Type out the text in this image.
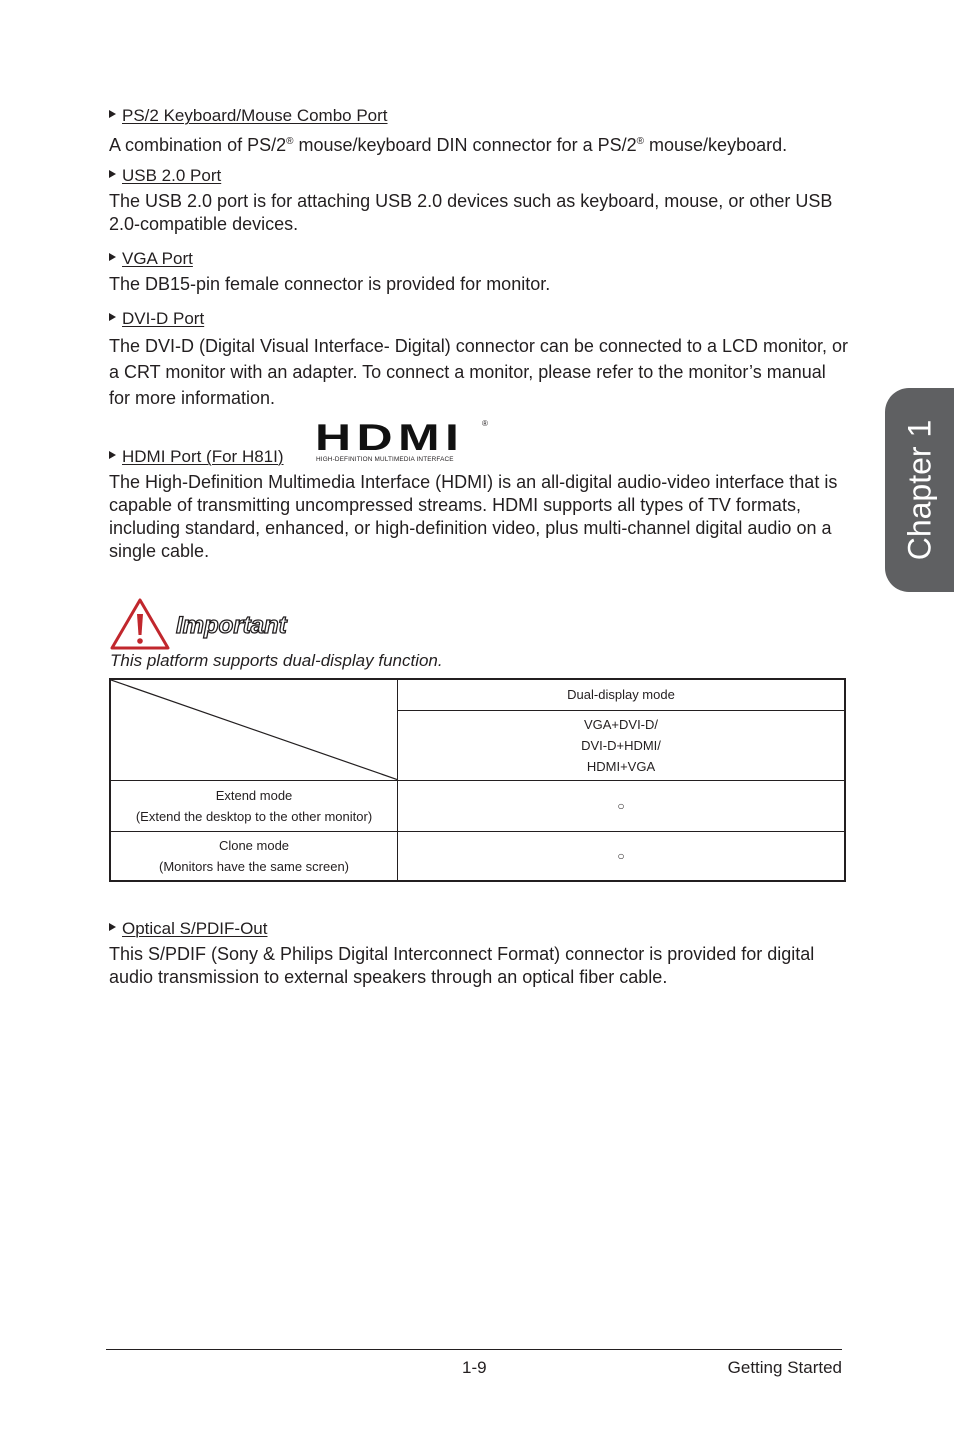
Chapter 1
PS/2 Keyboard/Mouse Combo Port
A combination of PS/2® mouse/keyboard DIN connector for a PS/2® mouse/keyboard.
USB 2.0 Port
The USB 2.0 port is for attaching USB 2.0 devices such as keyboard, mouse, or other USB 2.0-compatible devices.
VGA Port
The DB15-pin female connector is provided for monitor.
DVI-D Port
The DVI-D (Digital Visual Interface- Digital) connector can be connected to a LCD monitor, or a CRT monitor with an adapter. To connect a monitor, please refer to the monitor’s manual for more information.
HDMI Port (For H81I)
The High-Definition Multimedia Interface (HDMI) is an all-digital audio-video interface that is capable of transmitting uncompressed streams. HDMI supports all types of TV formats, including standard, enhanced, or high-definition video, plus multi-channel digital audio on a single cable.
HDMI ®
HIGH-DEFINITION MULTIMEDIA INTERFACE
Important
This platform supports dual-display function.
	Dual-display mode

	VGA+DVI-D/
DVI-D+HDMI/
HDMI+VGA

Extend mode
(Extend the desktop to the other monitor)	○

Clone mode
(Monitors have the same screen)	○
Optical S/PDIF-Out
This S/PDIF (Sony & Philips Digital Interconnect Format) connector is provided for digital audio transmission to external speakers through an optical fiber cable.
1-9	Getting Started
